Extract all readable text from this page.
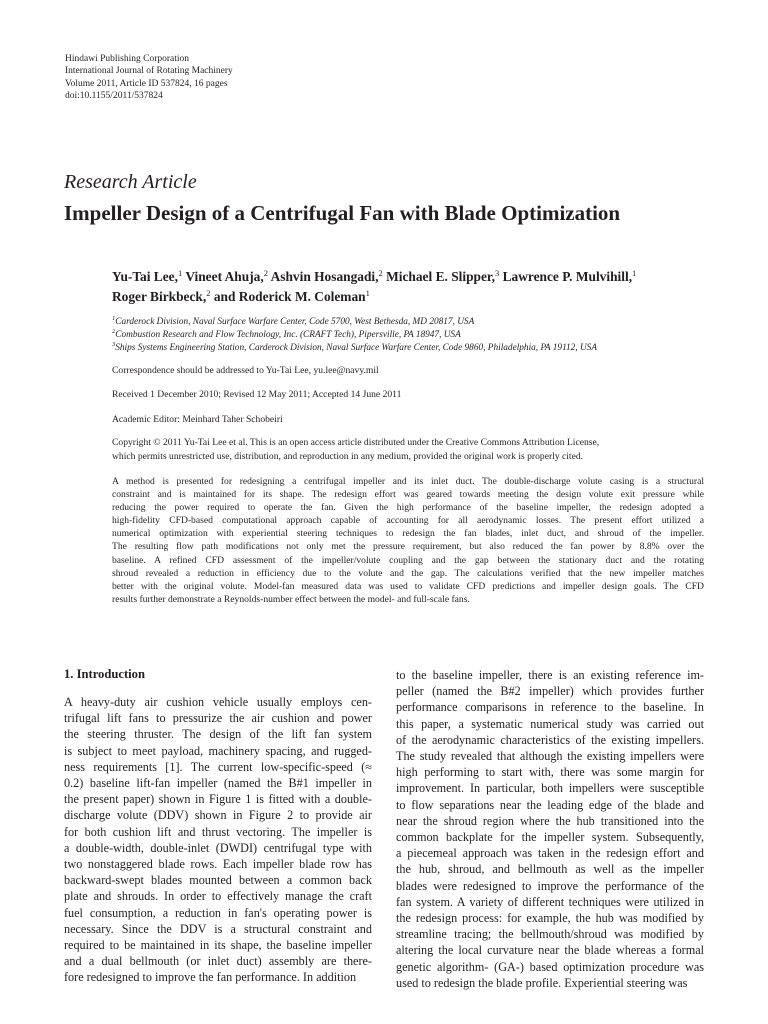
Hindawi Publishing Corporation
International Journal of Rotating Machinery
Volume 2011, Article ID 537824, 16 pages
doi:10.1155/2011/537824
Research Article
Impeller Design of a Centrifugal Fan with Blade Optimization
Yu-Tai Lee,$^1$ Vineet Ahuja,$^2$ Ashvin Hosangadi,$^2$ Michael E. Slipper,$^3$ Lawrence P. Mulvihill,$^1$
Roger Birkbeck,$^2$ and Roderick M. Coleman$^1$
$^1$Carderock Division, Naval Surface Warfare Center, Code 5700, West Bethesda, MD 20817, USA
$^2$Combustion Research and Flow Technology, Inc. (CRAFT Tech), Pipersville, PA 18947, USA
$^3$Ships Systems Engineering Station, Carderock Division, Naval Surface Warfare Center, Code 9860, Philadelphia, PA 19112, USA
Correspondence should be addressed to Yu-Tai Lee, yu.lee@navy.mil
Received 1 December 2010; Revised 12 May 2011; Accepted 14 June 2011
Academic Editor: Meinhard Taher Schobeiri
Copyright © 2011 Yu-Tai Lee et al. This is an open access article distributed under the Creative Commons Attribution License,
which permits unrestricted use, distribution, and reproduction in any medium, provided the original work is properly cited.
A method is presented for redesigning a centrifugal impeller and its inlet duct. The double-discharge volute casing is a structural
constraint and is maintained for its shape. The redesign effort was geared towards meeting the design volute exit pressure while
reducing the power required to operate the fan. Given the high performance of the baseline impeller, the redesign adopted a
high-fidelity CFD-based computational approach capable of accounting for all aerodynamic losses. The present effort utilized a
numerical optimization with experiential steering techniques to redesign the fan blades, inlet duct, and shroud of the impeller.
The resulting flow path modifications not only met the pressure requirement, but also reduced the fan power by 8.8% over the
baseline. A refined CFD assessment of the impeller/volute coupling and the gap between the stationary duct and the rotating
shroud revealed a reduction in efficiency due to the volute and the gap. The calculations verified that the new impeller matches
better with the original volute. Model-fan measured data was used to validate CFD predictions and impeller design goals. The CFD
results further demonstrate a Reynolds-number effect between the model- and full-scale fans.
1. Introduction
A heavy-duty air cushion vehicle usually employs cen-
trifugal lift fans to pressurize the air cushion and power
the steering thruster. The design of the lift fan system
is subject to meet payload, machinery spacing, and rugged-
ness requirements [1]. The current low-specific-speed (≈
0.2) baseline lift-fan impeller (named the B#1 impeller in
the present paper) shown in Figure 1 is fitted with a double-
discharge volute (DDV) shown in Figure 2 to provide air
for both cushion lift and thrust vectoring. The impeller is
a double-width, double-inlet (DWDI) centrifugal type with
two nonstaggered blade rows. Each impeller blade row has
backward-swept blades mounted between a common back
plate and shrouds. In order to effectively manage the craft
fuel consumption, a reduction in fan's operating power is
necessary. Since the DDV is a structural constraint and
required to be maintained in its shape, the baseline impeller
and a dual bellmouth (or inlet duct) assembly are there-
fore redesigned to improve the fan performance. In addition
to the baseline impeller, there is an existing reference im-
peller (named the B#2 impeller) which provides further
performance comparisons in reference to the baseline. In
this paper, a systematic numerical study was carried out
of the aerodynamic characteristics of the existing impellers.
The study revealed that although the existing impellers were
high performing to start with, there was some margin for
improvement. In particular, both impellers were susceptible
to flow separations near the leading edge of the blade and
near the shroud region where the hub transitioned into the
common backplate for the impeller system. Subsequently,
a piecemeal approach was taken in the redesign effort and
the hub, shroud, and bellmouth as well as the impeller
blades were redesigned to improve the performance of the
fan system. A variety of different techniques were utilized in
the redesign process: for example, the hub was modified by
streamline tracing; the bellmouth/shroud was modified by
altering the local curvature near the blade whereas a formal
genetic algorithm- (GA-) based optimization procedure was
used to redesign the blade profile. Experiential steering was
